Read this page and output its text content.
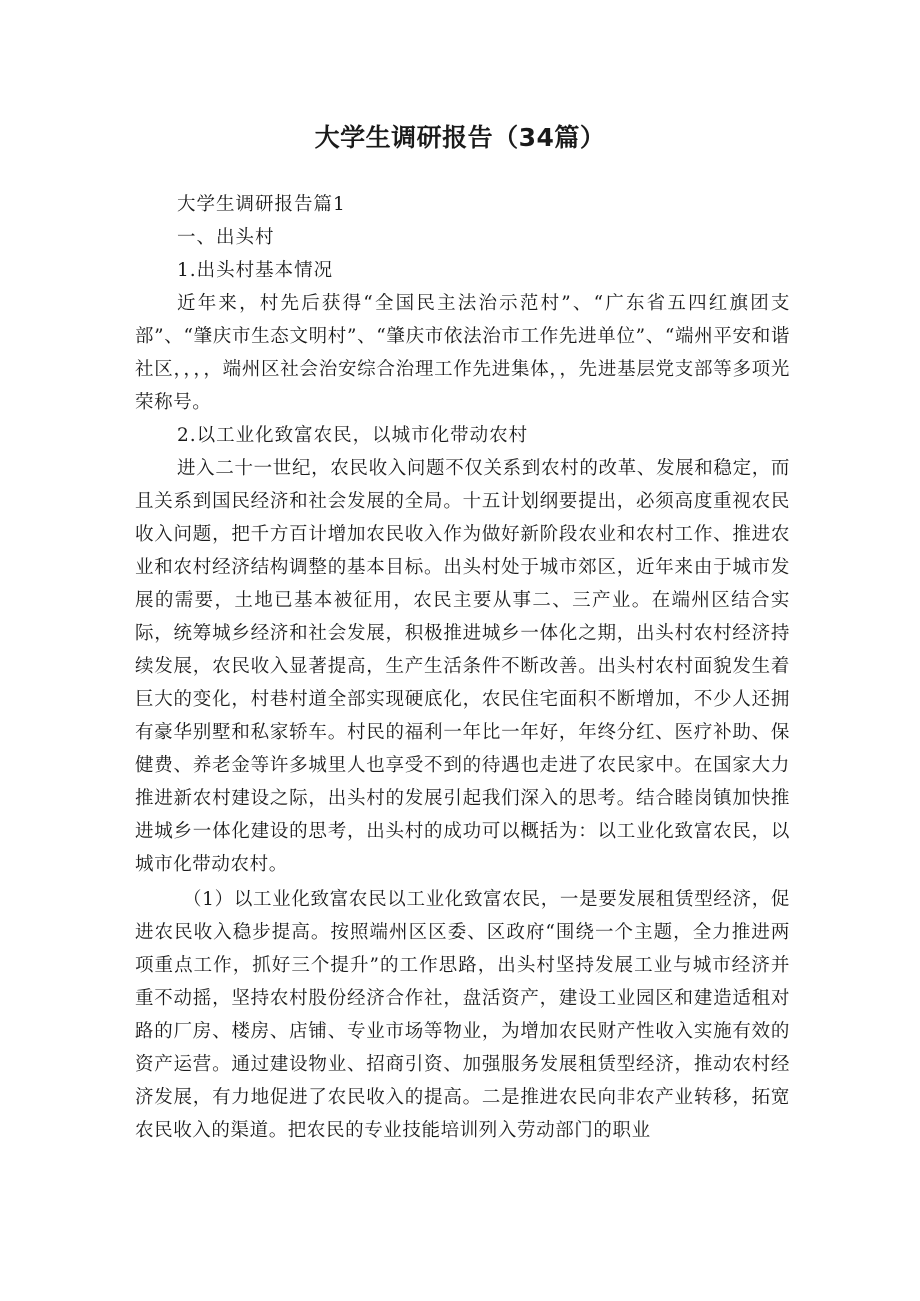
大学生调研报告（34篇）

大学生调研报告篇1

一、出头村

1.出头村基本情况

近年来，村先后获得“全国民主法治示范村”、“广东省五四红旗团支部”、“肇庆市生态文明村”、“肇庆市依法治市工作先进单位”、“端州平安和谐社区，，，，端州区社会治安综合治理工作先进集体，，先进基层党支部等多项光荣称号。

2.以工业化致富农民，以城市化带动农村

进入二十一世纪，农民收入问题不仅关系到农村的改革、发展和稳定，而且关系到国民经济和社会发展的全局。十五计划纲要提出，必须高度重视农民收入问题，把千方百计增加农民收入作为做好新阶段农业和农村工作、推进农业和农村经济结构调整的基本目标。出头村处于城市郊区，近年来由于城市发展的需要，土地已基本被征用，农民主要从事二、三产业。在端州区结合实际，统筹城乡经济和社会发展，积极推进城乡一体化之期，出头村农村经济持续发展，农民收入显著提高，生产生活条件不断改善。出头村农村面貌发生着巨大的变化，村巷村道全部实现硬底化，农民住宅面积不断增加，不少人还拥有豪华别墅和私家轿车。村民的福利一年比一年好，年终分红、医疗补助、保健费、养老金等许多城里人也享受不到的待遇也走进了农民家中。在国家大力推进新农村建设之际，出头村的发展引起我们深入的思考。结合睦岗镇加快推进城乡一体化建设的思考，出头村的成功可以概括为：以工业化致富农民，以城市化带动农村。

（1）以工业化致富农民以工业化致富农民，一是要发展租赁型经济，促进农民收入稳步提高。按照端州区区委、区政府“围绕一个主题，全力推进两项重点工作，抓好三个提升”的工作思路，出头村坚持发展工业与城市经济并重不动摇，坚持农村股份经济合作社，盘活资产，建设工业园区和建造适租对路的厂房、楼房、店铺、专业市场等物业，为增加农民财产性收入实施有效的资产运营。通过建设物业、招商引资、加强服务发展租赁型经济，推动农村经济发展，有力地促进了农民收入的提高。二是推进农民向非农产业转移，拓宽农民收入的渠道。把农民的专业技能培训列入劳动部门的职业
